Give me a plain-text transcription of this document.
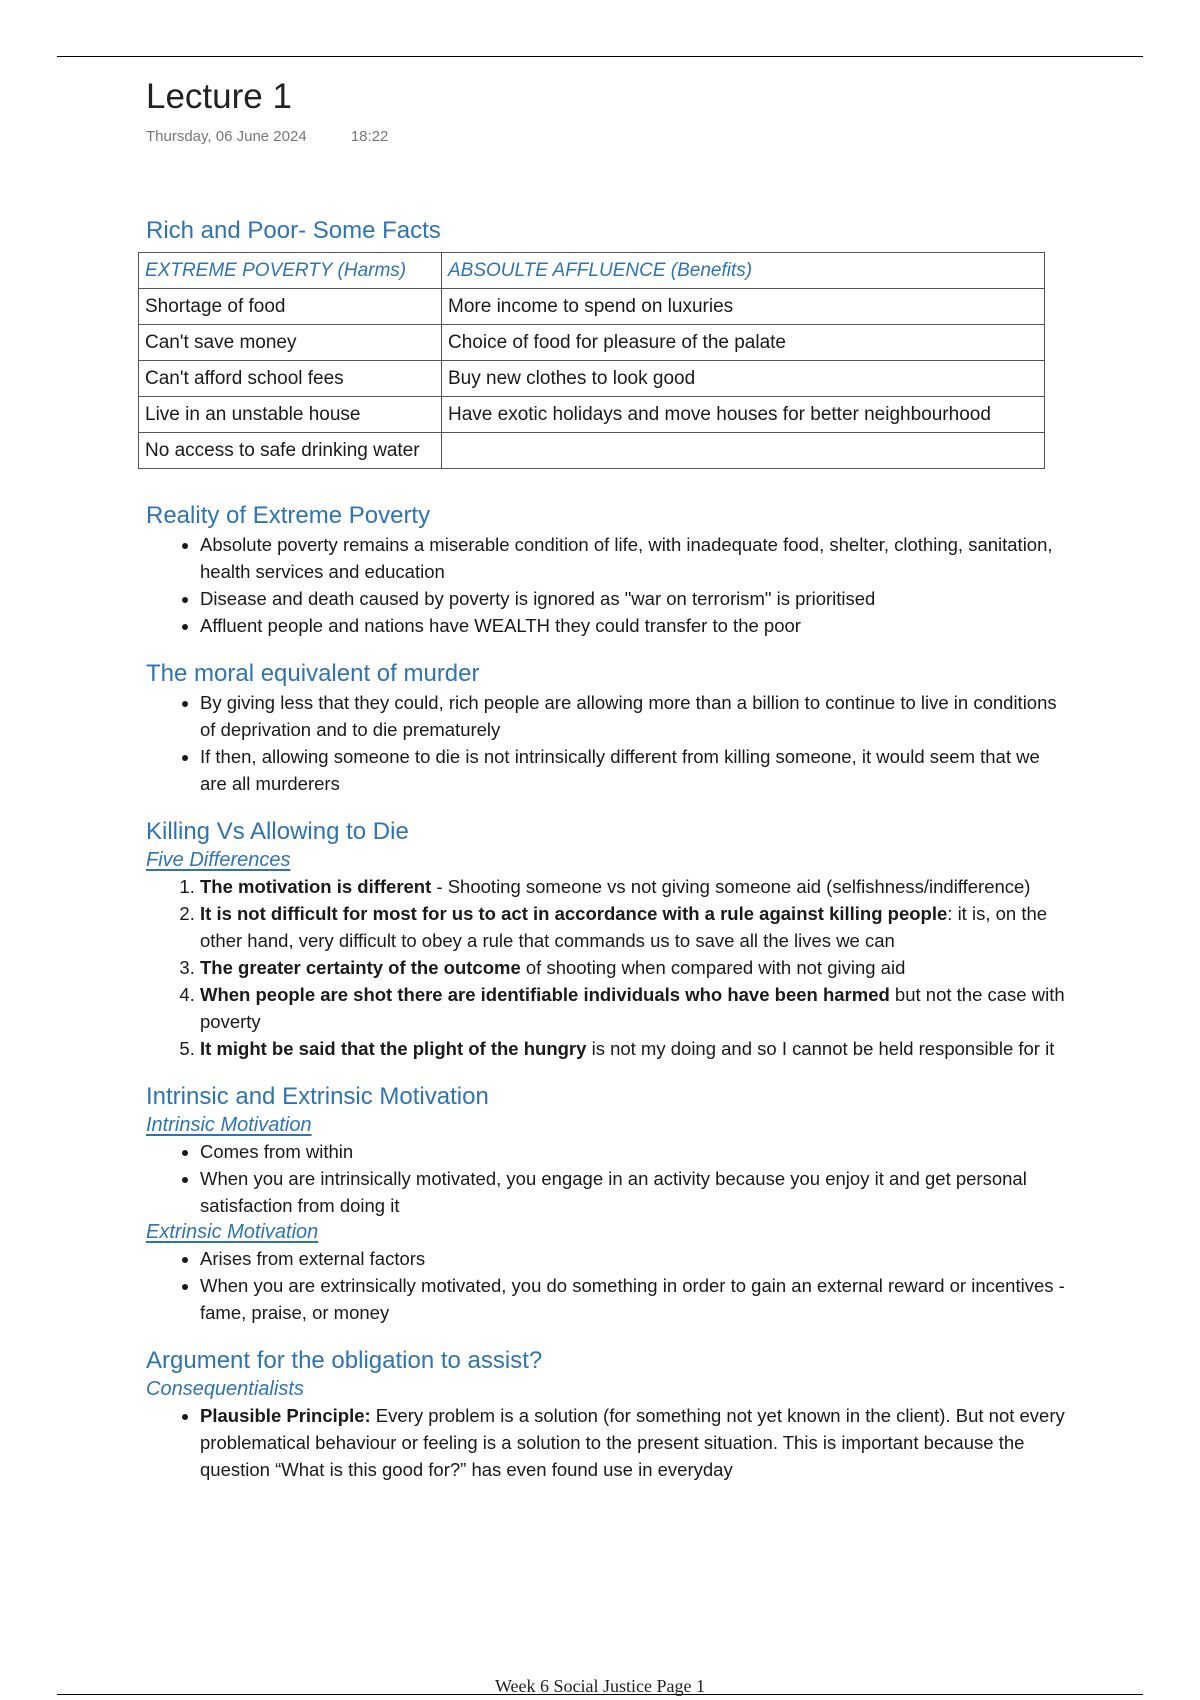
Lecture 1
Thursday, 06 June 2024	18:22
Rich and Poor- Some Facts
EXTREME POVERTY (Harms)	ABSOULTE AFFLUENCE (Benefits)
Shortage of food	More income to spend on luxuries
Can't save money	Choice of food for pleasure of the palate
Can't afford school fees	Buy new clothes to look good
Live in an unstable house	Have exotic holidays and move houses for better neighbourhood
No access to safe drinking water	
Reality of Extreme Poverty
• Absolute poverty remains a miserable condition of life, with inadequate food, shelter, clothing, sanitation, health services and education
• Disease and death caused by poverty is ignored as "war on terrorism" is prioritised
• Affluent people and nations have WEALTH they could transfer to the poor
The moral equivalent of murder
• By giving less that they could, rich people are allowing more than a billion to continue to live in conditions of deprivation and to die prematurely
• If then, allowing someone to die is not intrinsically different from killing someone, it would seem that we are all murderers
Killing Vs Allowing to Die
Five Differences
1. The motivation is different - Shooting someone vs not giving someone aid (selfishness/indifference)
2. It is not difficult for most for us to act in accordance with a rule against killing people: it is, on the other hand, very difficult to obey a rule that commands us to save all the lives we can
3. The greater certainty of the outcome of shooting when compared with not giving aid
4. When people are shot there are identifiable individuals who have been harmed but not the case with poverty
5. It might be said that the plight of the hungry is not my doing and so I cannot be held responsible for it
Intrinsic and Extrinsic Motivation
Intrinsic Motivation
• Comes from within
• When you are intrinsically motivated, you engage in an activity because you enjoy it and get personal satisfaction from doing it
Extrinsic Motivation
• Arises from external factors
• When you are extrinsically motivated, you do something in order to gain an external reward or incentives - fame, praise, or money
Argument for the obligation to assist?
Consequentialists
• Plausible Principle: Every problem is a solution (for something not yet known in the client). But not every problematical behaviour or feeling is a solution to the present situation. This is important because the question “What is this good for?” has even found use in everyday
Week 6 Social Justice Page 1
